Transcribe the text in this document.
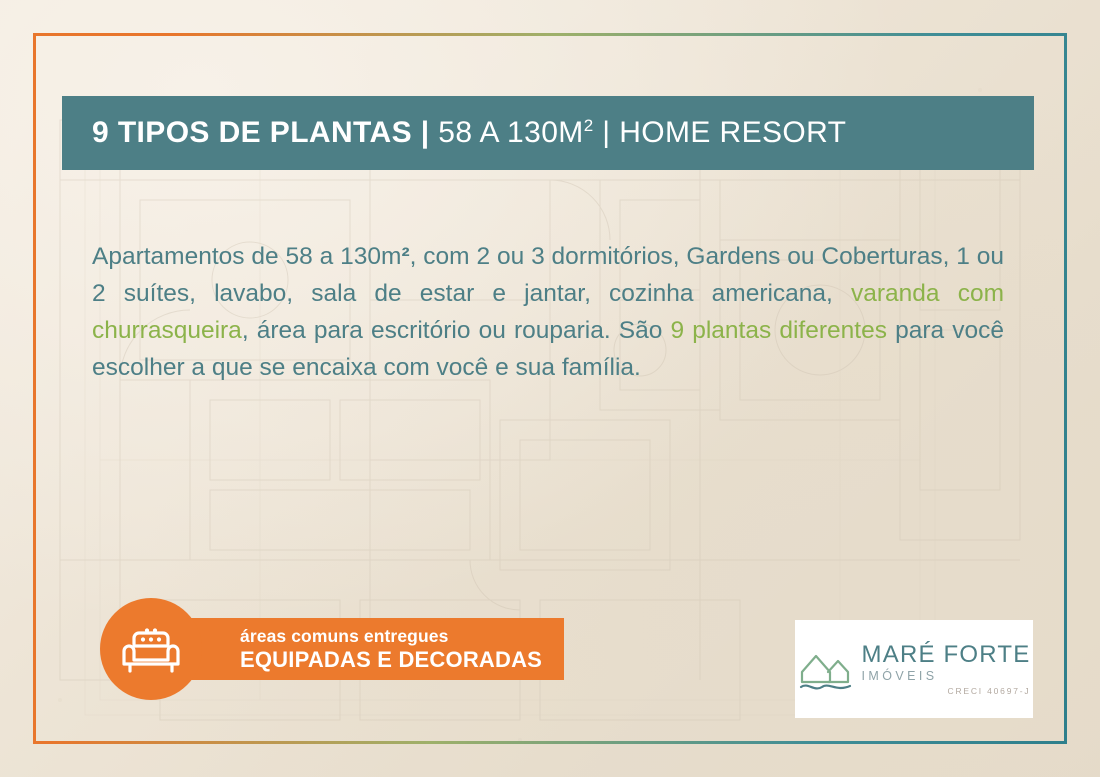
9 TIPOS DE PLANTAS | 58 A $130M^2$ | HOME RESORT
Apartamentos de 58 a 130m², com 2 ou 3 dormitórios, Gardens ou Coberturas, 1 ou 2 suítes, lavabo, sala de estar e jantar, cozinha americana, varanda com churrasqueira, área para escritório ou rouparia. São 9 plantas diferentes para você escolher a que se encaixa com você e sua família.
áreas comuns entregues
EQUIPADAS E DECORADAS	MARÉ FORTE
IMÓVEIS
CRECI 40697-J
